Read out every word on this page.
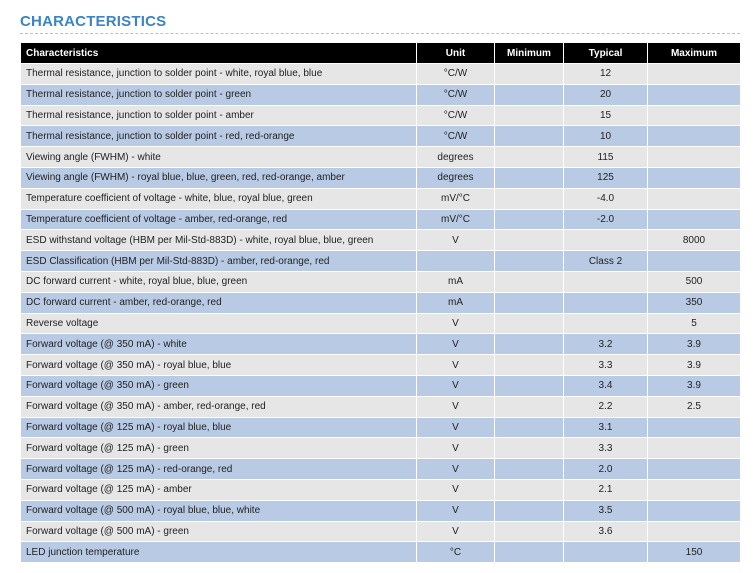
CHARACTERISTICS
Characteristics	Unit	Minimum	Typical	Maximum
Thermal resistance, junction to solder point - white, royal blue, blue	°C/W		12	
Thermal resistance, junction to solder point - green	°C/W		20	
Thermal resistance, junction to solder point - amber	°C/W		15	
Thermal resistance, junction to solder point - red, red-orange	°C/W		10	
Viewing angle (FWHM) - white	degrees		115	
Viewing angle (FWHM) - royal blue, blue, green, red, red-orange, amber	degrees		125	
Temperature coefficient of voltage - white, blue, royal blue, green	mV/°C		-4.0	
Temperature coefficient of voltage - amber, red-orange, red	mV/°C		-2.0	
ESD withstand voltage (HBM per Mil-Std-883D) - white, royal blue, blue, green	V			8000
ESD Classification (HBM per Mil-Std-883D) - amber, red-orange, red			Class 2	
DC forward current - white, royal blue, blue, green	mA			500
DC forward current - amber, red-orange, red	mA			350
Reverse voltage	V			5
Forward voltage (@ 350 mA) - white	V		3.2	3.9
Forward voltage (@ 350 mA) - royal blue, blue	V		3.3	3.9
Forward voltage (@ 350 mA) - green	V		3.4	3.9
Forward voltage (@ 350 mA) - amber, red-orange, red	V		2.2	2.5
Forward voltage (@ 125 mA) - royal blue, blue	V		3.1	
Forward voltage (@ 125 mA) - green	V		3.3	
Forward voltage (@ 125 mA) - red-orange, red	V		2.0	
Forward voltage (@ 125 mA) - amber	V		2.1	
Forward voltage (@ 500 mA) - royal blue, blue, white	V		3.5	
Forward voltage (@ 500 mA) - green	V		3.6	
LED junction temperature	°C			150
